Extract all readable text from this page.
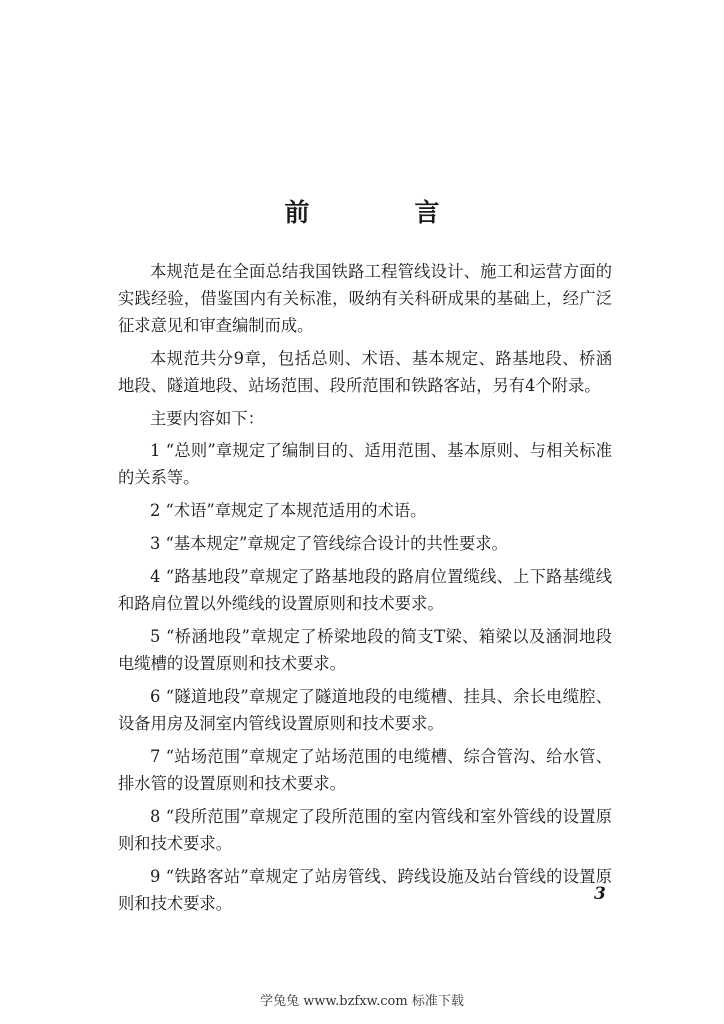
前　言

本规范是在全面总结我国铁路工程管线设计、施工和运营方面的实践经验，借鉴国内有关标准，吸纳有关科研成果的基础上，经广泛征求意见和审查编制而成。

本规范共分9章，包括总则、术语、基本规定、路基地段、桥涵地段、隧道地段、站场范围、段所范围和铁路客站，另有4个附录。

主要内容如下：

1 “总则”章规定了编制目的、适用范围、基本原则、与相关标准的关系等。

2 “术语”章规定了本规范适用的术语。

3 “基本规定”章规定了管线综合设计的共性要求。

4 “路基地段”章规定了路基地段的路肩位置缆线、上下路基缆线和路肩位置以外缆线的设置原则和技术要求。

5 “桥涵地段”章规定了桥梁地段的简支T梁、箱梁以及涵洞地段电缆槽的设置原则和技术要求。

6 “隧道地段”章规定了隧道地段的电缆槽、挂具、余长电缆腔、设备用房及洞室内管线设置原则和技术要求。

7 “站场范围”章规定了站场范围的电缆槽、综合管沟、给水管、排水管的设置原则和技术要求。

8 “段所范围”章规定了段所范围的室内管线和室外管线的设置原则和技术要求。

9 “铁路客站”章规定了站房管线、跨线设施及站台管线的设置原则和技术要求。	3
学兔兔 www.bzfxw.com 标准下载
